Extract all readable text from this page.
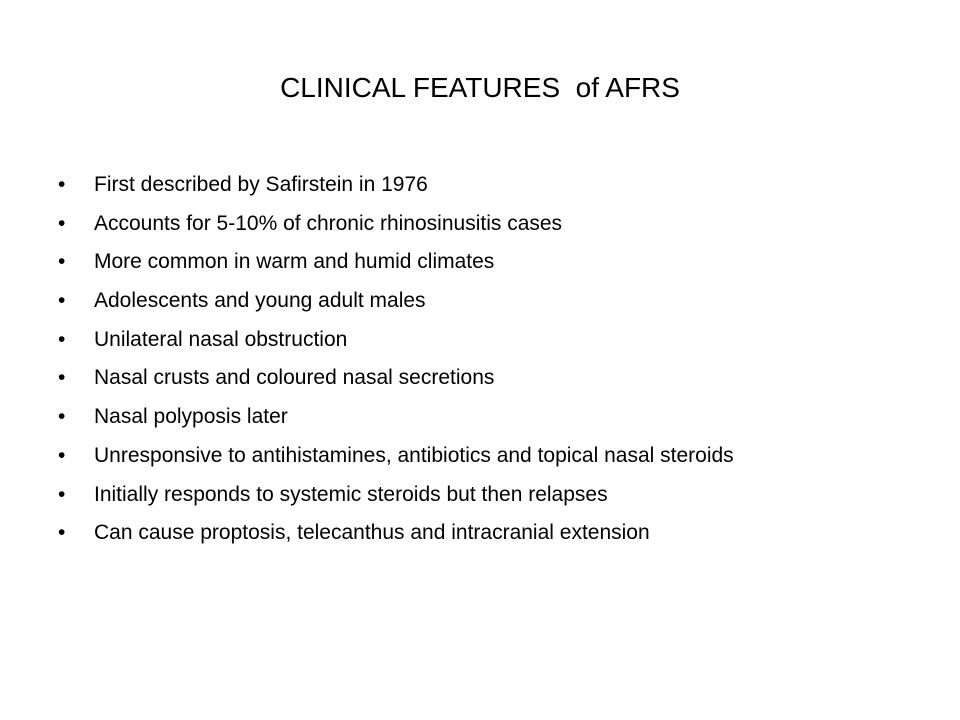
CLINICAL FEATURES  of AFRS
•	First described by Safirstein in 1976
•	Accounts for 5-10% of chronic rhinosinusitis cases
•	More common in warm and humid climates
•	Adolescents and young adult males
•	Unilateral nasal obstruction
•	Nasal crusts and coloured nasal secretions
•	Nasal polyposis later
•	Unresponsive to antihistamines, antibiotics and topical nasal steroids
•	Initially responds to systemic steroids but then relapses
•	Can cause proptosis, telecanthus and intracranial extension
